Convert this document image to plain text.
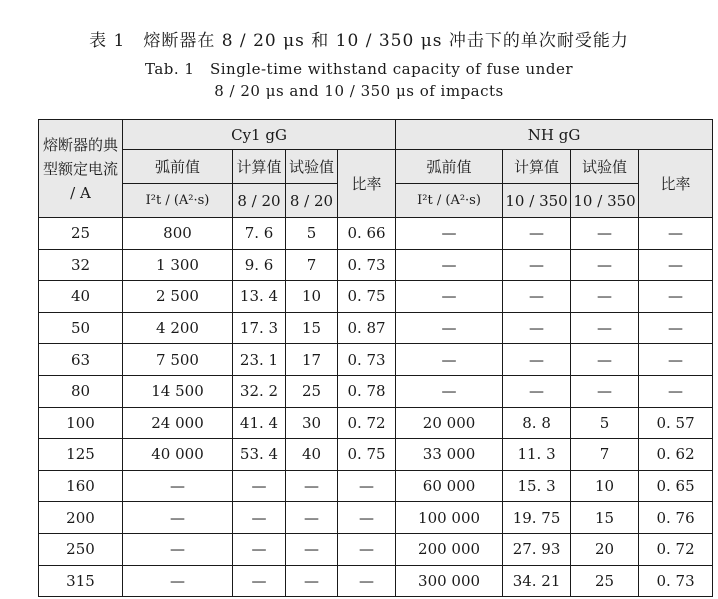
表 1　熔断器在 8 / 20 μs 和 10 / 350 μs 冲击下的单次耐受能力
Tab. 1　Single-time withstand capacity of fuse under
8 / 20 μs and 10 / 350 μs of impacts
熔断器的典型额定电流 / A	Cy1 gG				NH gG			
	弧前值	计算值	试验值	比率	弧前值	计算值	试验值	比率
	I²t / (A²·s)	8 / 20	8 / 20		I²t / (A²·s)	10 / 350	10 / 350	
25	800	7. 6	5	0. 66	—	—	—	—
32	1 300	9. 6	7	0. 73	—	—	—	—
40	2 500	13. 4	10	0. 75	—	—	—	—
50	4 200	17. 3	15	0. 87	—	—	—	—
63	7 500	23. 1	17	0. 73	—	—	—	—
80	14 500	32. 2	25	0. 78	—	—	—	—
100	24 000	41. 4	30	0. 72	20 000	8. 8	5	0. 57
125	40 000	53. 4	40	0. 75	33 000	11. 3	7	0. 62
160	—	—	—	—	60 000	15. 3	10	0. 65
200	—	—	—	—	100 000	19. 75	15	0. 76
250	—	—	—	—	200 000	27. 93	20	0. 72
315	—	—	—	—	300 000	34. 21	25	0. 73
